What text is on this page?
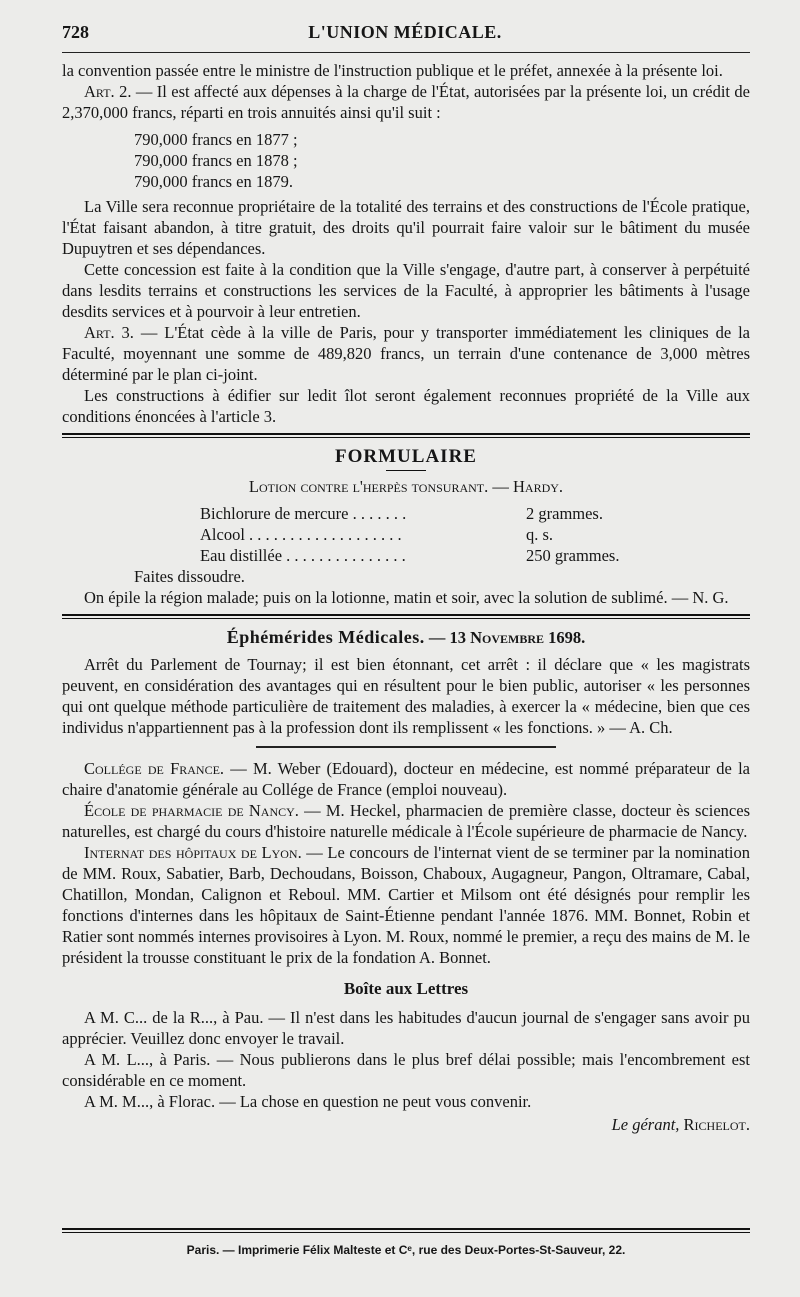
728	L'UNION MÉDICALE.

la convention passée entre le ministre de l'instruction publique et le préfet, annexée à la présente loi.

Art. 2. — Il est affecté aux dépenses à la charge de l'État, autorisées par la présente loi, un crédit de 2,370,000 francs, réparti en trois annuités ainsi qu'il suit :

790,000 francs en 1877 ;
790,000 francs en 1878 ;
790,000 francs en 1879.

La Ville sera reconnue propriétaire de la totalité des terrains et des constructions de l'École pratique, l'État faisant abandon, à titre gratuit, des droits qu'il pourrait faire valoir sur le bâtiment du musée Dupuytren et ses dépendances.

Cette concession est faite à la condition que la Ville s'engage, d'autre part, à conserver à perpétuité dans lesdits terrains et constructions les services de la Faculté, à approprier les bâtiments à l'usage desdits services et à pourvoir à leur entretien.

Art. 3. — L'État cède à la ville de Paris, pour y transporter immédiatement les cliniques de la Faculté, moyennant une somme de 489,820 francs, un terrain d'une contenance de 3,000 mètres déterminé par le plan ci-joint.

Les constructions à édifier sur ledit îlot seront également reconnues propriété de la Ville aux conditions énoncées à l'article 3.

FORMULAIRE
Lotion contre l'herpès tonsurant. — Hardy.
Bichlorure de mercure . . .	2 grammes.
Alcool . . .	q. s.
Eau distillée . . .	250 grammes.
Faites dissoudre.

On épile la région malade; puis on la lotionne, matin et soir, avec la solution de sublimé. — N. G.

Éphémérides Médicales. — 13 Novembre 1698.

Arrêt du Parlement de Tournay; il est bien étonnant, cet arrêt : il déclare que « les magistrats peuvent, en considération des avantages qui en résultent pour le bien public, autoriser « les personnes qui ont quelque méthode particulière de traitement des maladies, à exercer la « médecine, bien que ces individus n'appartiennent pas à la profession dont ils remplissent « les fonctions. » — A. Ch.

Collége de France. — M. Weber (Edouard), docteur en médecine, est nommé préparateur de la chaire d'anatomie générale au Collége de France (emploi nouveau).

École de pharmacie de Nancy. — M. Heckel, pharmacien de première classe, docteur ès sciences naturelles, est chargé du cours d'histoire naturelle médicale à l'École supérieure de pharmacie de Nancy.

Internat des hôpitaux de Lyon. — Le concours de l'internat vient de se terminer par la nomination de MM. Roux, Sabatier, Barb, Dechoudans, Boisson, Chaboux, Augagneur, Pangon, Oltramare, Cabal, Chatillon, Mondan, Calignon et Reboul. MM. Cartier et Milsom ont été désignés pour remplir les fonctions d'internes dans les hôpitaux de Saint-Étienne pendant l'année 1876. MM. Bonnet, Robin et Ratier sont nommés internes provisoires à Lyon. M. Roux, nommé le premier, a reçu des mains de M. le président la trousse constituant le prix de la fondation A. Bonnet.

Boîte aux Lettres

A M. C... de la R..., à Pau. — Il n'est dans les habitudes d'aucun journal de s'engager sans avoir pu apprécier. Veuillez donc envoyer le travail.

A M. L..., à Paris. — Nous publierons dans le plus bref délai possible; mais l'encombrement est considérable en ce moment.

A M. M..., à Florac. — La chose en question ne peut vous convenir.

Le gérant, Richelot.
Paris. — Imprimerie Félix Malteste et Cᵉ, rue des Deux-Portes-St-Sauveur, 22.
